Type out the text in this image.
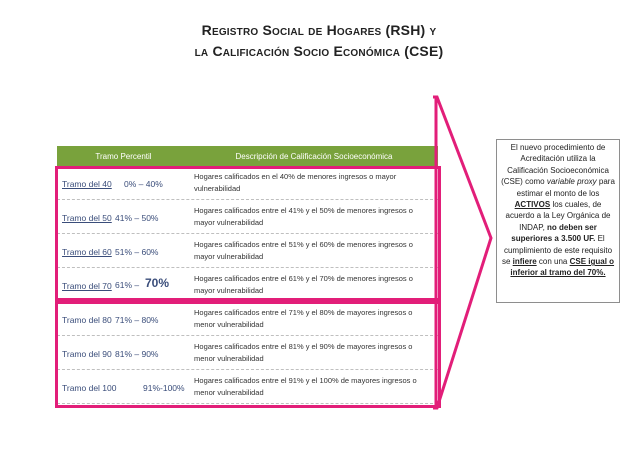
Registro Social de Hogares (RSH) y
la Calificación Socio Económica (CSE)
Tramo Percentil	Descripción de Calificación Socioeconómica
Tramo del 40 0% – 40%
Hogares calificados en el 40% de menores ingresos o mayor vulnerabilidad
Tramo del 50 41% – 50%
Hogares calificados entre el 41% y el 50% de menores ingresos o mayor vulnerabilidad
Tramo del 60 51% – 60%
Hogares calificados entre el 51% y el 60% de menores ingresos o mayor vulnerabilidad
Tramo del 70 61% – 70%	Hogares calificados entre el 61% y el 70% de menores ingresos o mayor vulnerabilidad
Tramo del 80 71% – 80%
Hogares calificados entre el 71% y el 80% de mayores ingresos o menor vulnerabilidad
Tramo del 90 81% – 90%
Hogares calificados entre el 81% y el 90% de mayores ingresos o menor vulnerabilidad
Tramo del 100	91%-100%
Hogares calificados entre el 91% y el 100% de mayores ingresos o menor vulnerabilidad
El nuevo procedimiento de Acreditación utiliza la Calificación Socioeconómica (CSE) como variable proxy para estimar el monto de los ACTIVOS los cuales, de acuerdo a la Ley Orgánica de INDAP, no deben ser superiores a 3.500 UF. El cumplimiento de este requisito se infiere con una CSE igual o inferior al tramo del 70%.
